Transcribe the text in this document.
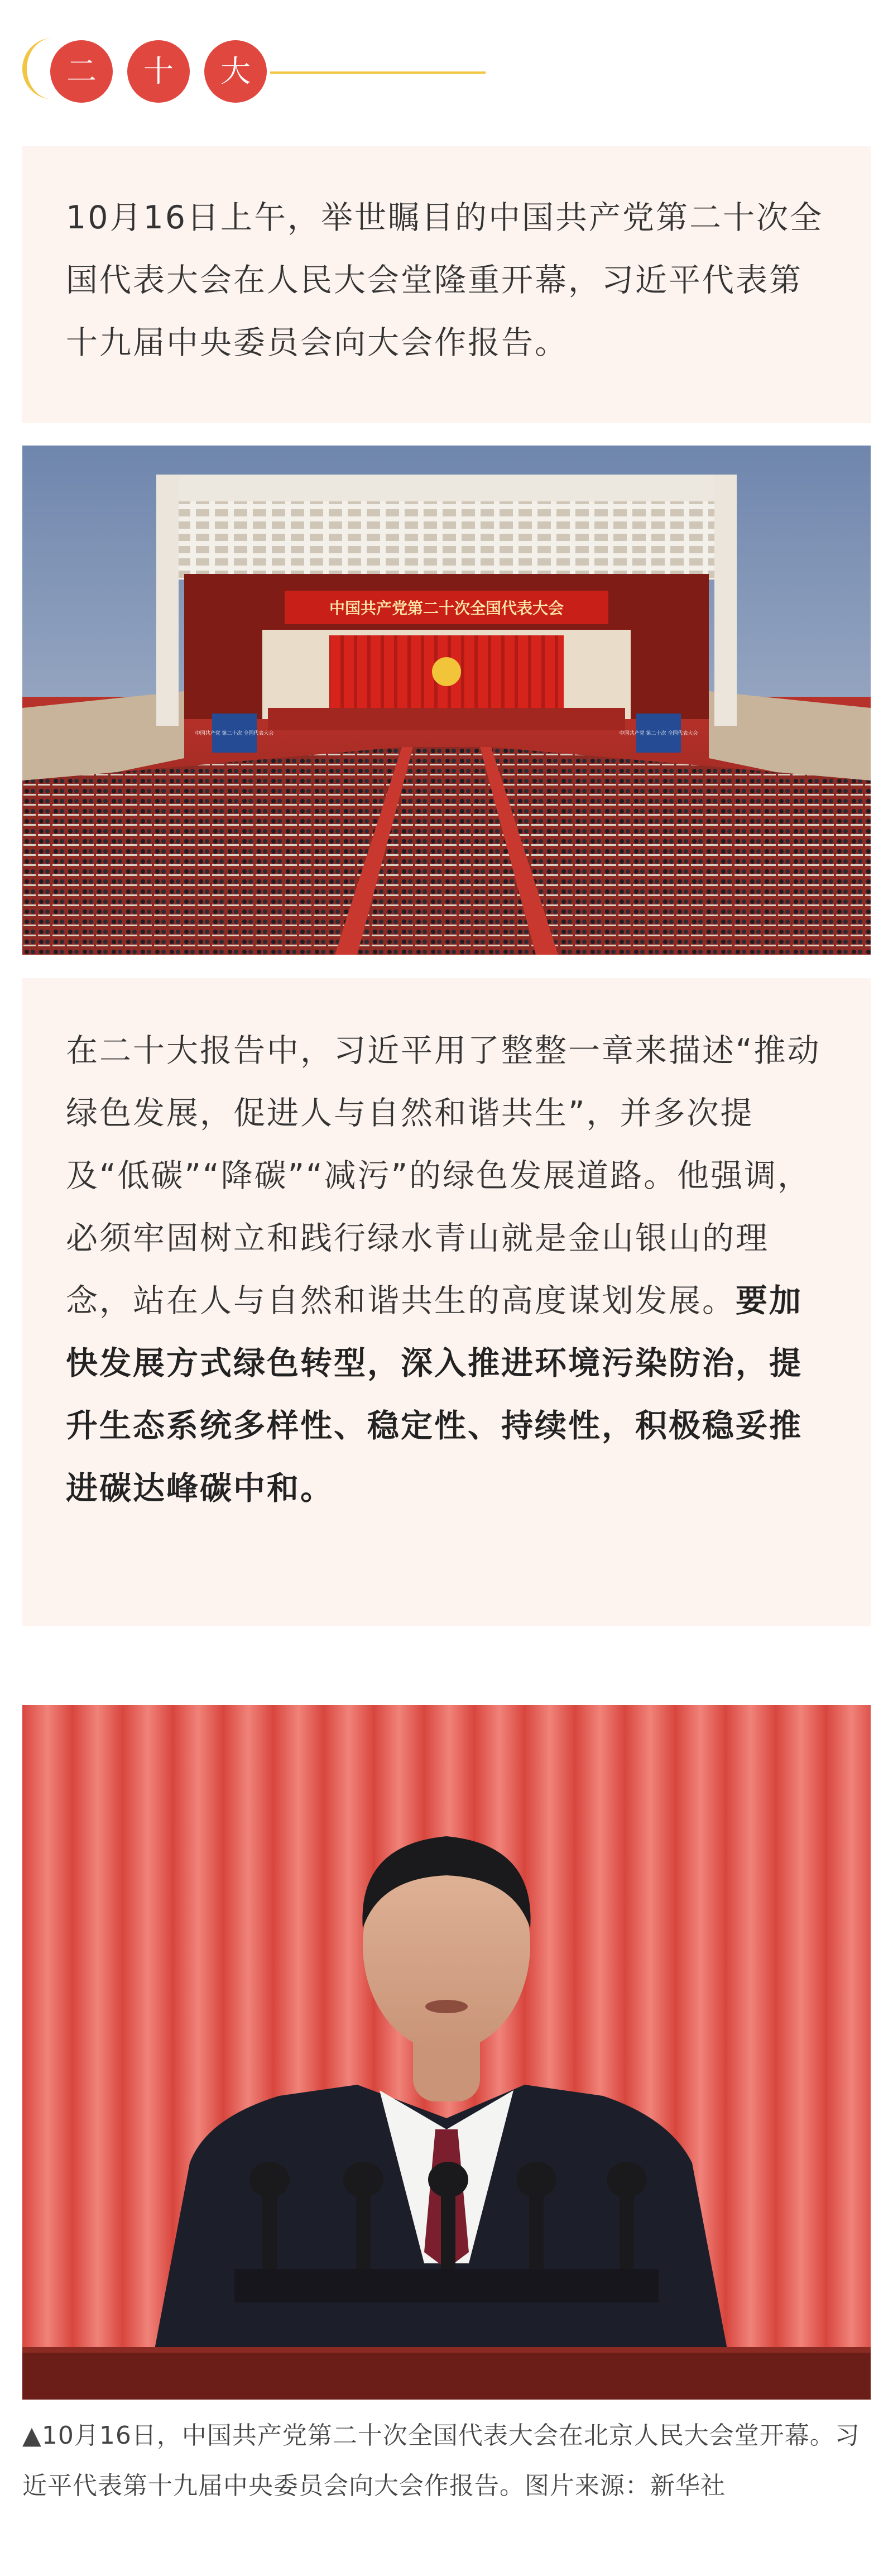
二	十	大
10月16日上午，举世瞩目的中国共产党第二十次全国代表大会在人民大会堂隆重开幕，习近平代表第十九届中央委员会向大会作报告。
中国共产党第二十次全国代表大会
中国共产党 第二十次 全国代表大会	中国共产党 第二十次 全国代表大会
在二十大报告中，习近平用了整整一章来描述“推动绿色发展，促进人与自然和谐共生”，并多次提及“低碳”“降碳”“减污”的绿色发展道路。他强调，必须牢固树立和践行绿水青山就是金山银山的理念，站在人与自然和谐共生的高度谋划发展。要加快发展方式绿色转型，深入推进环境污染防治，提升生态系统多样性、稳定性、持续性，积极稳妥推进碳达峰碳中和。
▲10月16日，中国共产党第二十次全国代表大会在北京人民大会堂开幕。习近平代表第十九届中央委员会向大会作报告。图片来源：新华社
